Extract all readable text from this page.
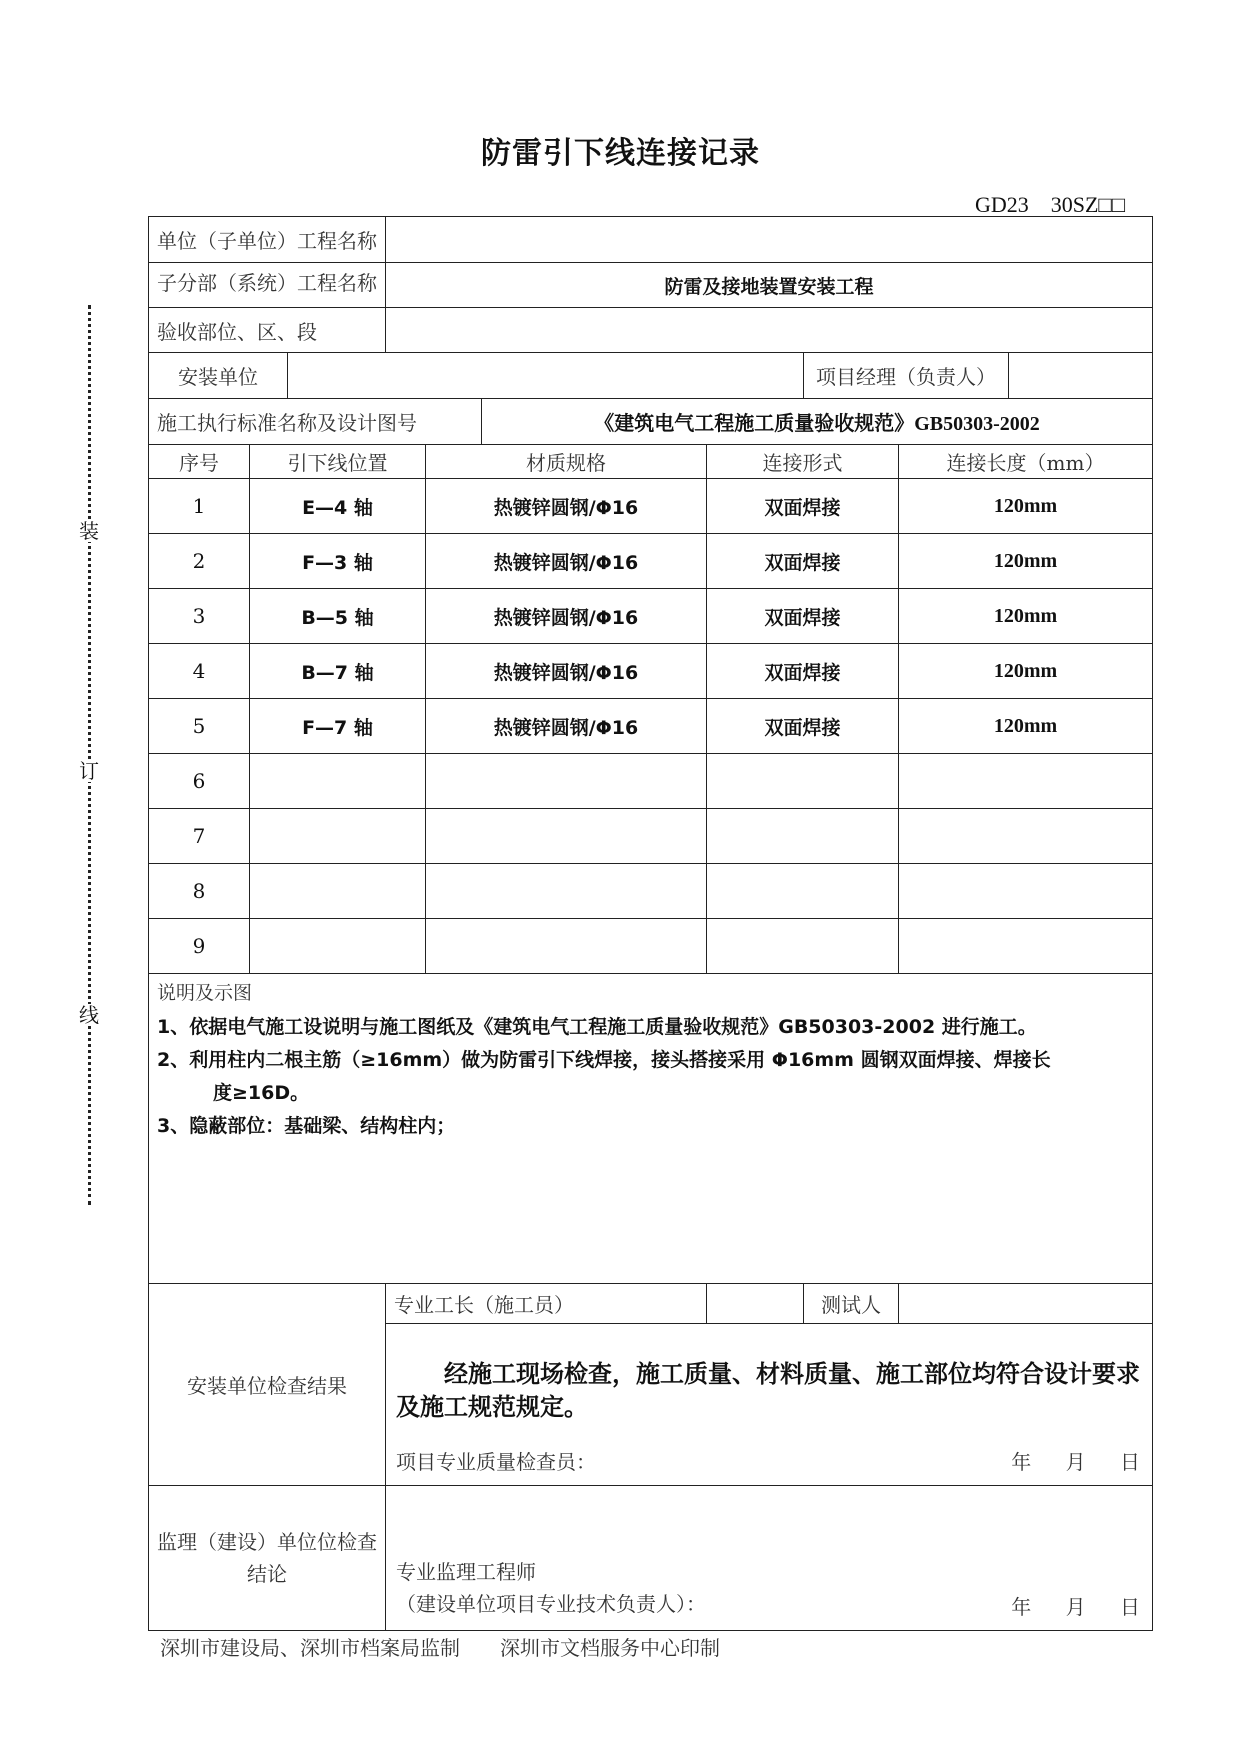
防雷引下线连接记录
GD23　30SZ□□
装
订
线
单位（子单位）工程名称									
子分部（系统）工程名称			防雷及接地装置安装工程						
验收部位、区、段									
安装单位							项目经理（负责人）		
施工执行标准名称及设计图号					《建筑电气工程施工质量验收规范》GB50303-2002				
序号	引下线位置			材质规格		连接形式		连接长度（mm）	
1	E—4 轴			热镀锌圆钢/Φ16		双面焊接		120mm	
2	F—3 轴			热镀锌圆钢/Φ16		双面焊接		120mm	
3	B—5 轴			热镀锌圆钢/Φ16		双面焊接		120mm	
4	B—7 轴			热镀锌圆钢/Φ16		双面焊接		120mm	
5	F—7 轴			热镀锌圆钢/Φ16		双面焊接		120mm	
6									
7									
8									
9									

说明及示图
1、依据电气施工设说明与施工图纸及《建筑电气工程施工质量验收规范》GB50303-2002 进行施工。
2、利用柱内二根主筋（≥16mm）做为防雷引下线焊接，接头搭接采用 Φ16mm 圆钢双面焊接、焊接长
度≥16D。
3、隐蔽部位：基础梁、结构柱内；									

安装单位检查结果			专业工长（施工员）				测试人		

			　　经施工现场检查，施工质量、材料质量、施工部位均符合设计要求及施工规范规定。
项目专业质量检查员： 年 月 日						

监理（建设）单位位检查结论			专业监理工程师
（建设单位项目专业技术负责人）： 年 月 日						
深圳市建设局、深圳市档案局监制　　深圳市文档服务中心印制
